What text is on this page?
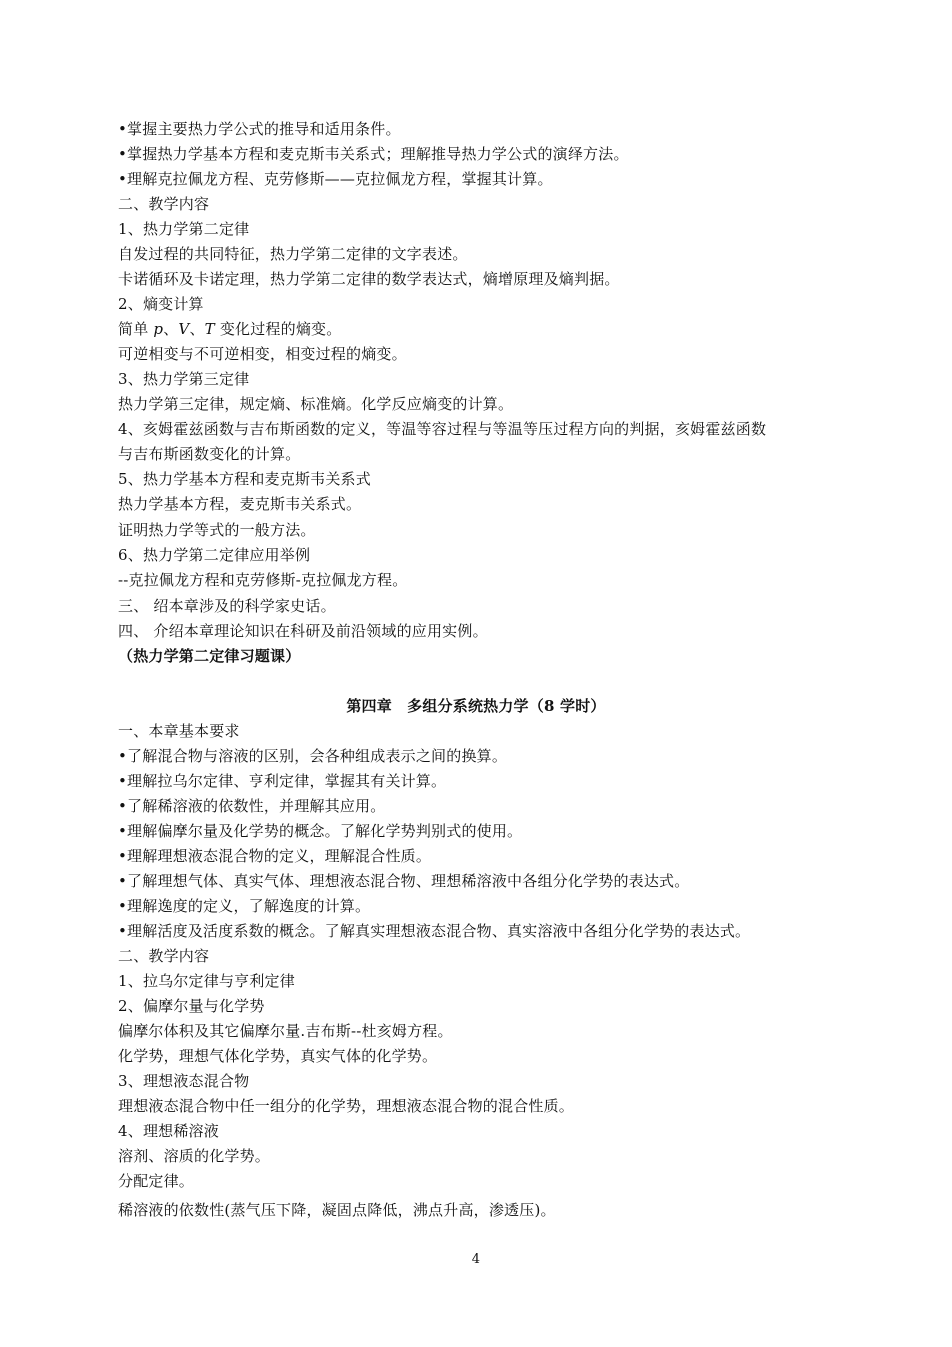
•掌握主要热力学公式的推导和适用条件。
•掌握热力学基本方程和麦克斯韦关系式；理解推导热力学公式的演绎方法。
•理解克拉佩龙方程、克劳修斯——克拉佩龙方程，掌握其计算。
二、教学内容
1、热力学第二定律
自发过程的共同特征，热力学第二定律的文字表述。
卡诺循环及卡诺定理，热力学第二定律的数学表达式，熵增原理及熵判据。
2、熵变计算
简单 p、V、T 变化过程的熵变。
可逆相变与不可逆相变，相变过程的熵变。
3、热力学第三定律
热力学第三定律，规定熵、标准熵。化学反应熵变的计算。
4、亥姆霍兹函数与吉布斯函数的定义，等温等容过程与等温等压过程方向的判据，亥姆霍兹函数
与吉布斯函数变化的计算。
5、热力学基本方程和麦克斯韦关系式
热力学基本方程，麦克斯韦关系式。
证明热力学等式的一般方法。
6、热力学第二定律应用举例
--克拉佩龙方程和克劳修斯-克拉佩龙方程。
三、 绍本章涉及的科学家史话。
四、 介绍本章理论知识在科研及前沿领域的应用实例。
（热力学第二定律习题课）
第四章　多组分系统热力学（8 学时）
一、本章基本要求
•了解混合物与溶液的区别，会各种组成表示之间的换算。
•理解拉乌尔定律、亨利定律，掌握其有关计算。
•了解稀溶液的依数性，并理解其应用。
•理解偏摩尔量及化学势的概念。了解化学势判别式的使用。
•理解理想液态混合物的定义，理解混合性质。
•了解理想气体、真实气体、理想液态混合物、理想稀溶液中各组分化学势的表达式。
•理解逸度的定义，了解逸度的计算。
•理解活度及活度系数的概念。了解真实理想液态混合物、真实溶液中各组分化学势的表达式。
二、教学内容
1、拉乌尔定律与亨利定律
2、偏摩尔量与化学势
偏摩尔体积及其它偏摩尔量.吉布斯--杜亥姆方程。
化学势，理想气体化学势，真实气体的化学势。
3、理想液态混合物
理想液态混合物中任一组分的化学势，理想液态混合物的混合性质。
4、理想稀溶液
溶剂、溶质的化学势。
分配定律。
稀溶液的依数性(蒸气压下降，凝固点降低，沸点升高，渗透压)。
4
